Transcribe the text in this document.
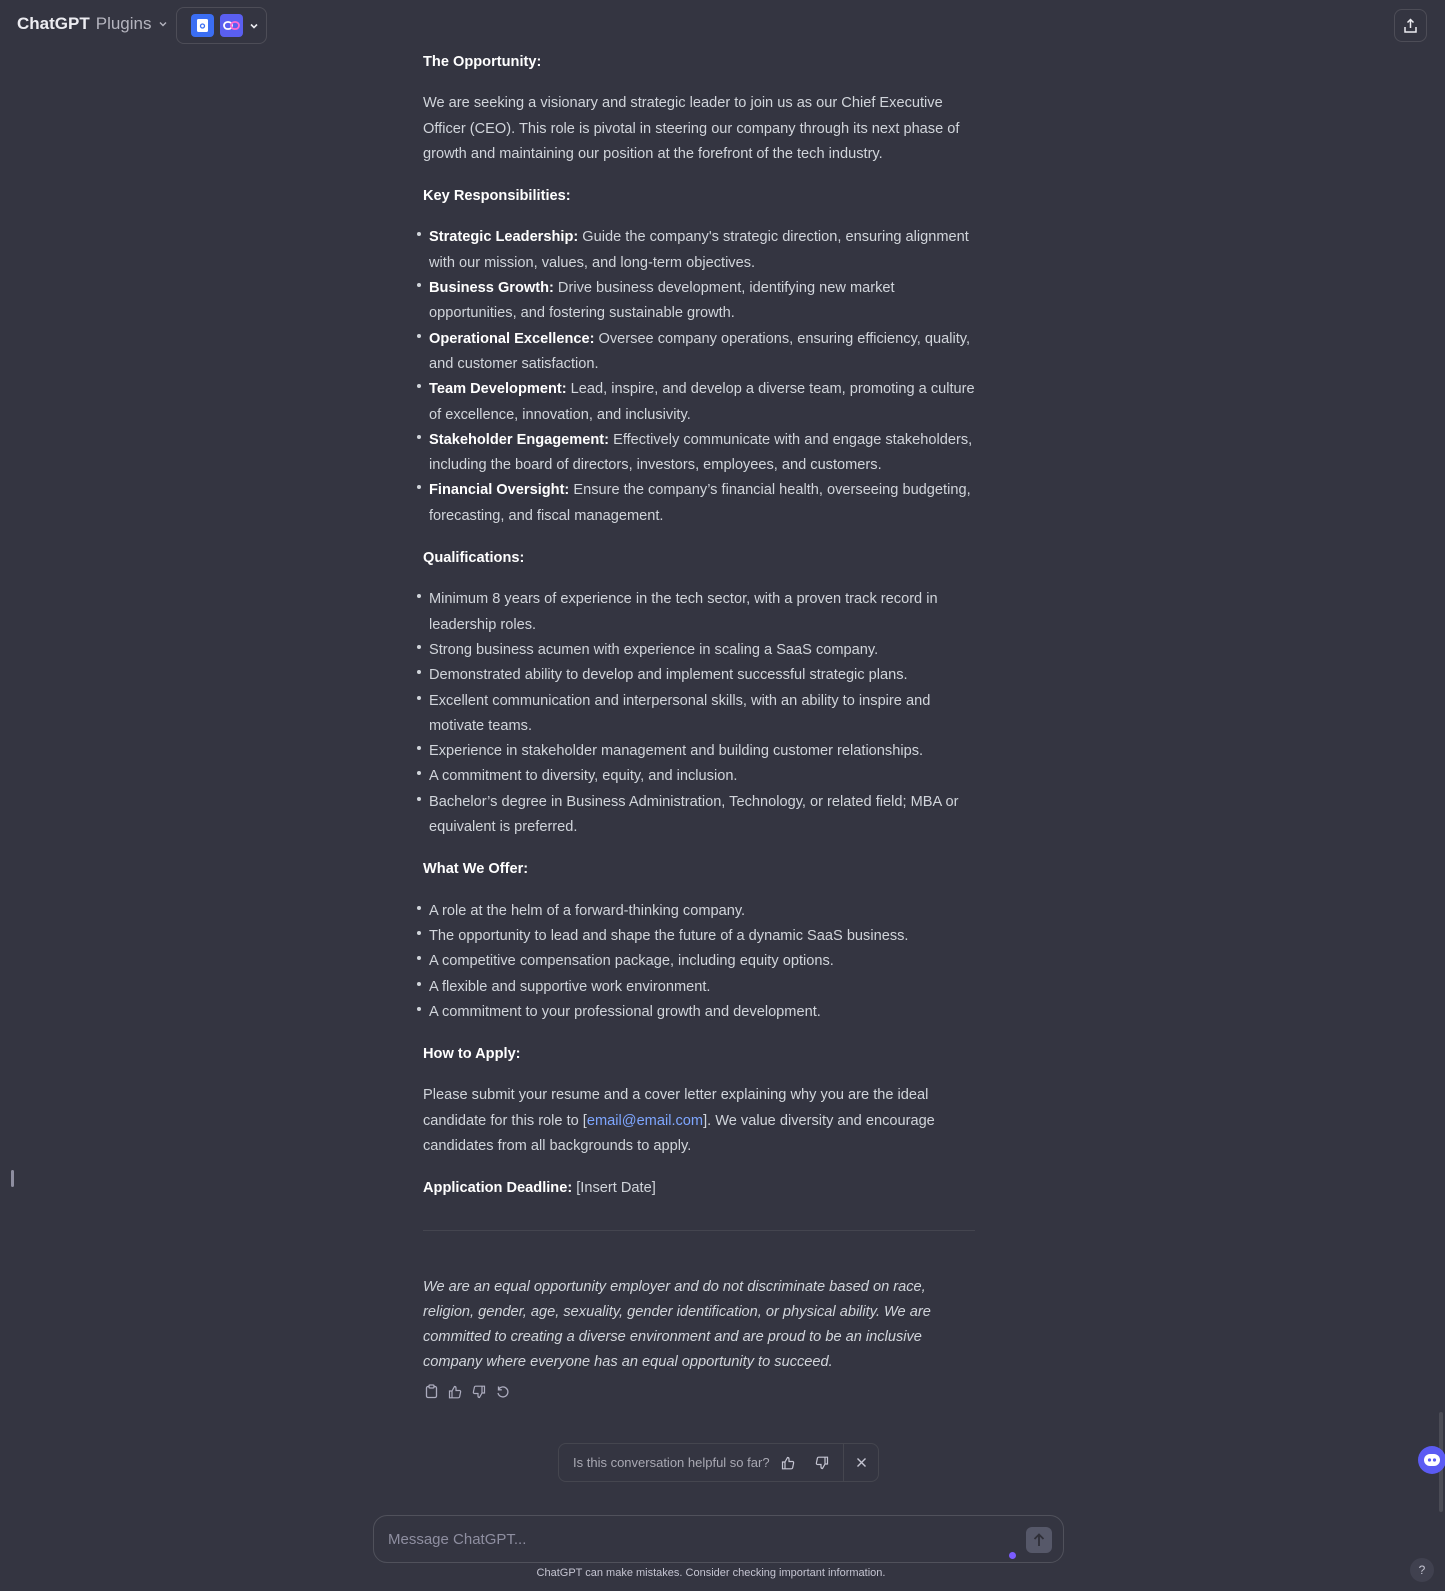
ChatGPT Plugins
The Opportunity:

We are seeking a visionary and strategic leader to join us as our Chief Executive Officer (CEO). This role is pivotal in steering our company through its next phase of growth and maintaining our position at the forefront of the tech industry.

Key Responsibilities:
Strategic Leadership: Guide the company's strategic direction, ensuring alignment with our mission, values, and long-term objectives.
Business Growth: Drive business development, identifying new market opportunities, and fostering sustainable growth.
Operational Excellence: Oversee company operations, ensuring efficiency, quality, and customer satisfaction.
Team Development: Lead, inspire, and develop a diverse team, promoting a culture of excellence, innovation, and inclusivity.
Stakeholder Engagement: Effectively communicate with and engage stakeholders, including the board of directors, investors, employees, and customers.
Financial Oversight: Ensure the company’s financial health, overseeing budgeting, forecasting, and fiscal management.
Qualifications:
Minimum 8 years of experience in the tech sector, with a proven track record in leadership roles.
Strong business acumen with experience in scaling a SaaS company.
Demonstrated ability to develop and implement successful strategic plans.
Excellent communication and interpersonal skills, with an ability to inspire and motivate teams.
Experience in stakeholder management and building customer relationships.
A commitment to diversity, equity, and inclusion.
Bachelor’s degree in Business Administration, Technology, or related field; MBA or equivalent is preferred.
What We Offer:
A role at the helm of a forward-thinking company.
The opportunity to lead and shape the future of a dynamic SaaS business.
A competitive compensation package, including equity options.
A flexible and supportive work environment.
A commitment to your professional growth and development.
How to Apply:

Please submit your resume and a cover letter explaining why you are the ideal candidate for this role to [email@email.com]. We value diversity and encourage candidates from all backgrounds to apply.

Application Deadline: [Insert Date]

We are an equal opportunity employer and do not discriminate based on race, religion, gender, age, sexuality, gender identification, or physical ability. We are committed to creating a diverse environment and are proud to be an inclusive company where everyone has an equal opportunity to succeed.

Is this conversation helpful so far?
Message ChatGPT...
ChatGPT can make mistakes. Consider checking important information.	?
